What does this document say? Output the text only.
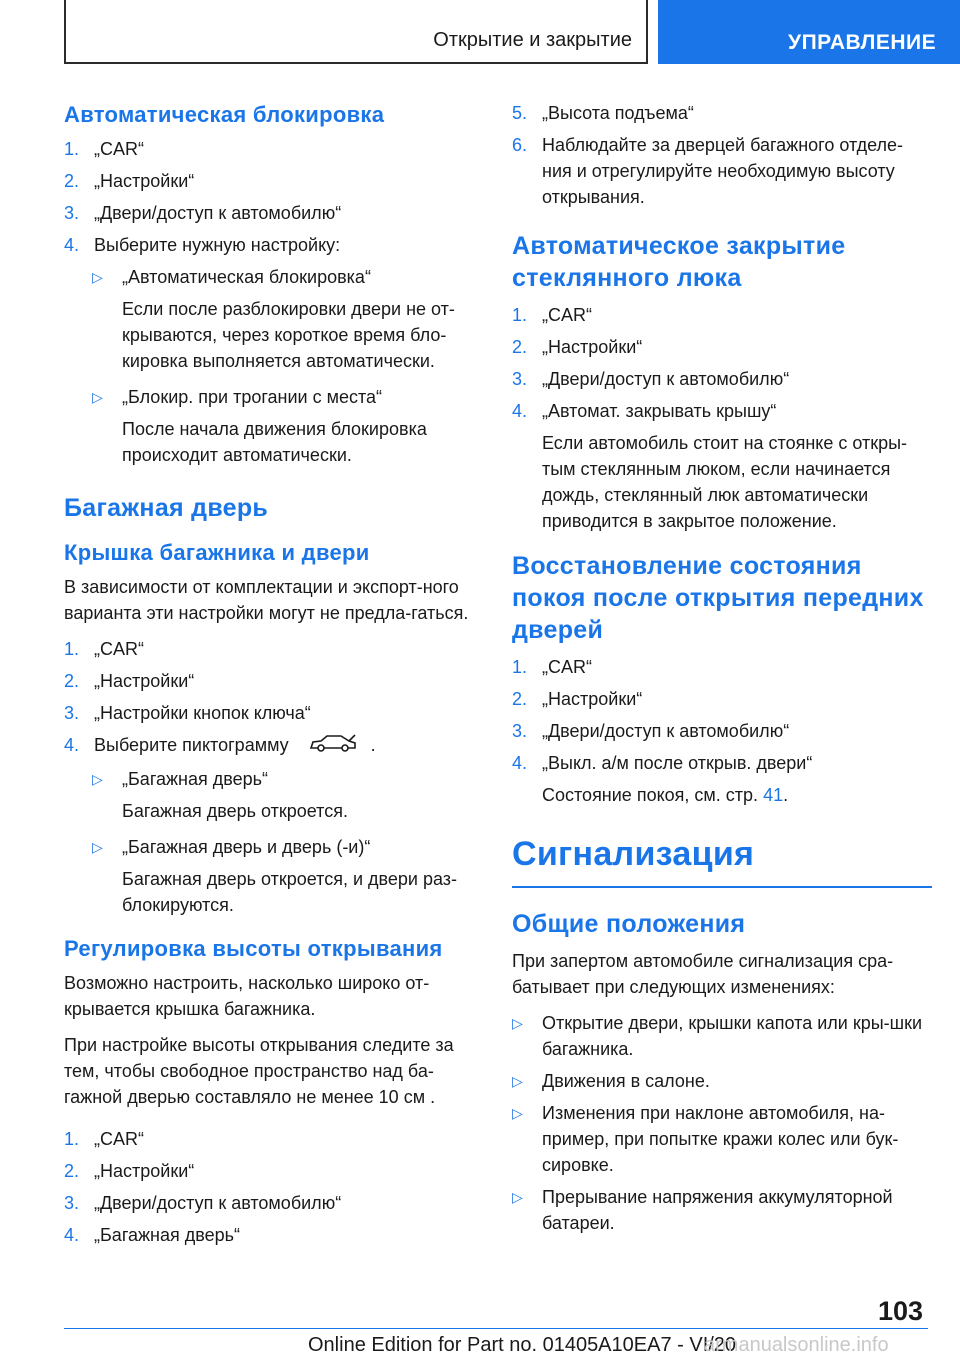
Открытие и закрытие	УПРАВЛЕНИЕ
Автоматическая блокировка
1. „CAR“
2. „Настройки“
3. „Двери/доступ к автомобилю“
4. Выберите нужную настройку:
▷ „Автоматическая блокировка“
Если после разблокировки двери не от-крываются, через короткое время бло-кировка выполняется автоматически.
▷ „Блокир. при трогании с места“
После начала движения блокировка происходит автоматически.
Багажная дверь
Крышка багажника и двери
В зависимости от комплектации и экспорт-ного варианта эти настройки могут не предла-гаться.
1. „CAR“
2. „Настройки“
3. „Настройки кнопок ключа“
4. Выберите пиктограмму	.
▷ „Багажная дверь“
Багажная дверь откроется.
▷ „Багажная дверь и дверь (-и)“
Багажная дверь откроется, и двери раз-блокируются.
Регулировка высоты открывания
Возможно настроить, насколько широко от-крывается крышка багажника.
При настройке высоты открывания следите за тем, чтобы свободное пространство над ба-гажной дверью составляло не менее 10 см .
1. „CAR“
2. „Настройки“
3. „Двери/доступ к автомобилю“
4. „Багажная дверь“
5. „Высота подъема“
6. Наблюдайте за дверцей багажного отделе-ния и отрегулируйте необходимую высоту открывания.
Автоматическое закрытие стеклянного люка
1. „CAR“
2. „Настройки“
3. „Двери/доступ к автомобилю“
4. „Автомат. закрывать крышу“
Если автомобиль стоит на стоянке с откры-тым стеклянным люком, если начинается дождь, стеклянный люк автоматически приводится в закрытое положение.
Восстановление состояния покоя после открытия передних дверей
1. „CAR“
2. „Настройки“
3. „Двери/доступ к автомобилю“
4. „Выкл. а/м после открыв. двери“
Состояние покоя, см. стр. 41.
Сигнализация
Общие положения
При запертом автомобиле сигнализация сра-батывает при следующих изменениях:
▷ Открытие двери, крышки капота или кры-шки багажника.
▷ Движения в салоне.
▷ Изменения при наклоне автомобиля, на-пример, при попытке кражи колес или бук-сировке.
▷ Прерывание напряжения аккумуляторной батареи.
103
Online Edition for Part no. 01405A10EA7 - VI/20
armanualsonline.info
